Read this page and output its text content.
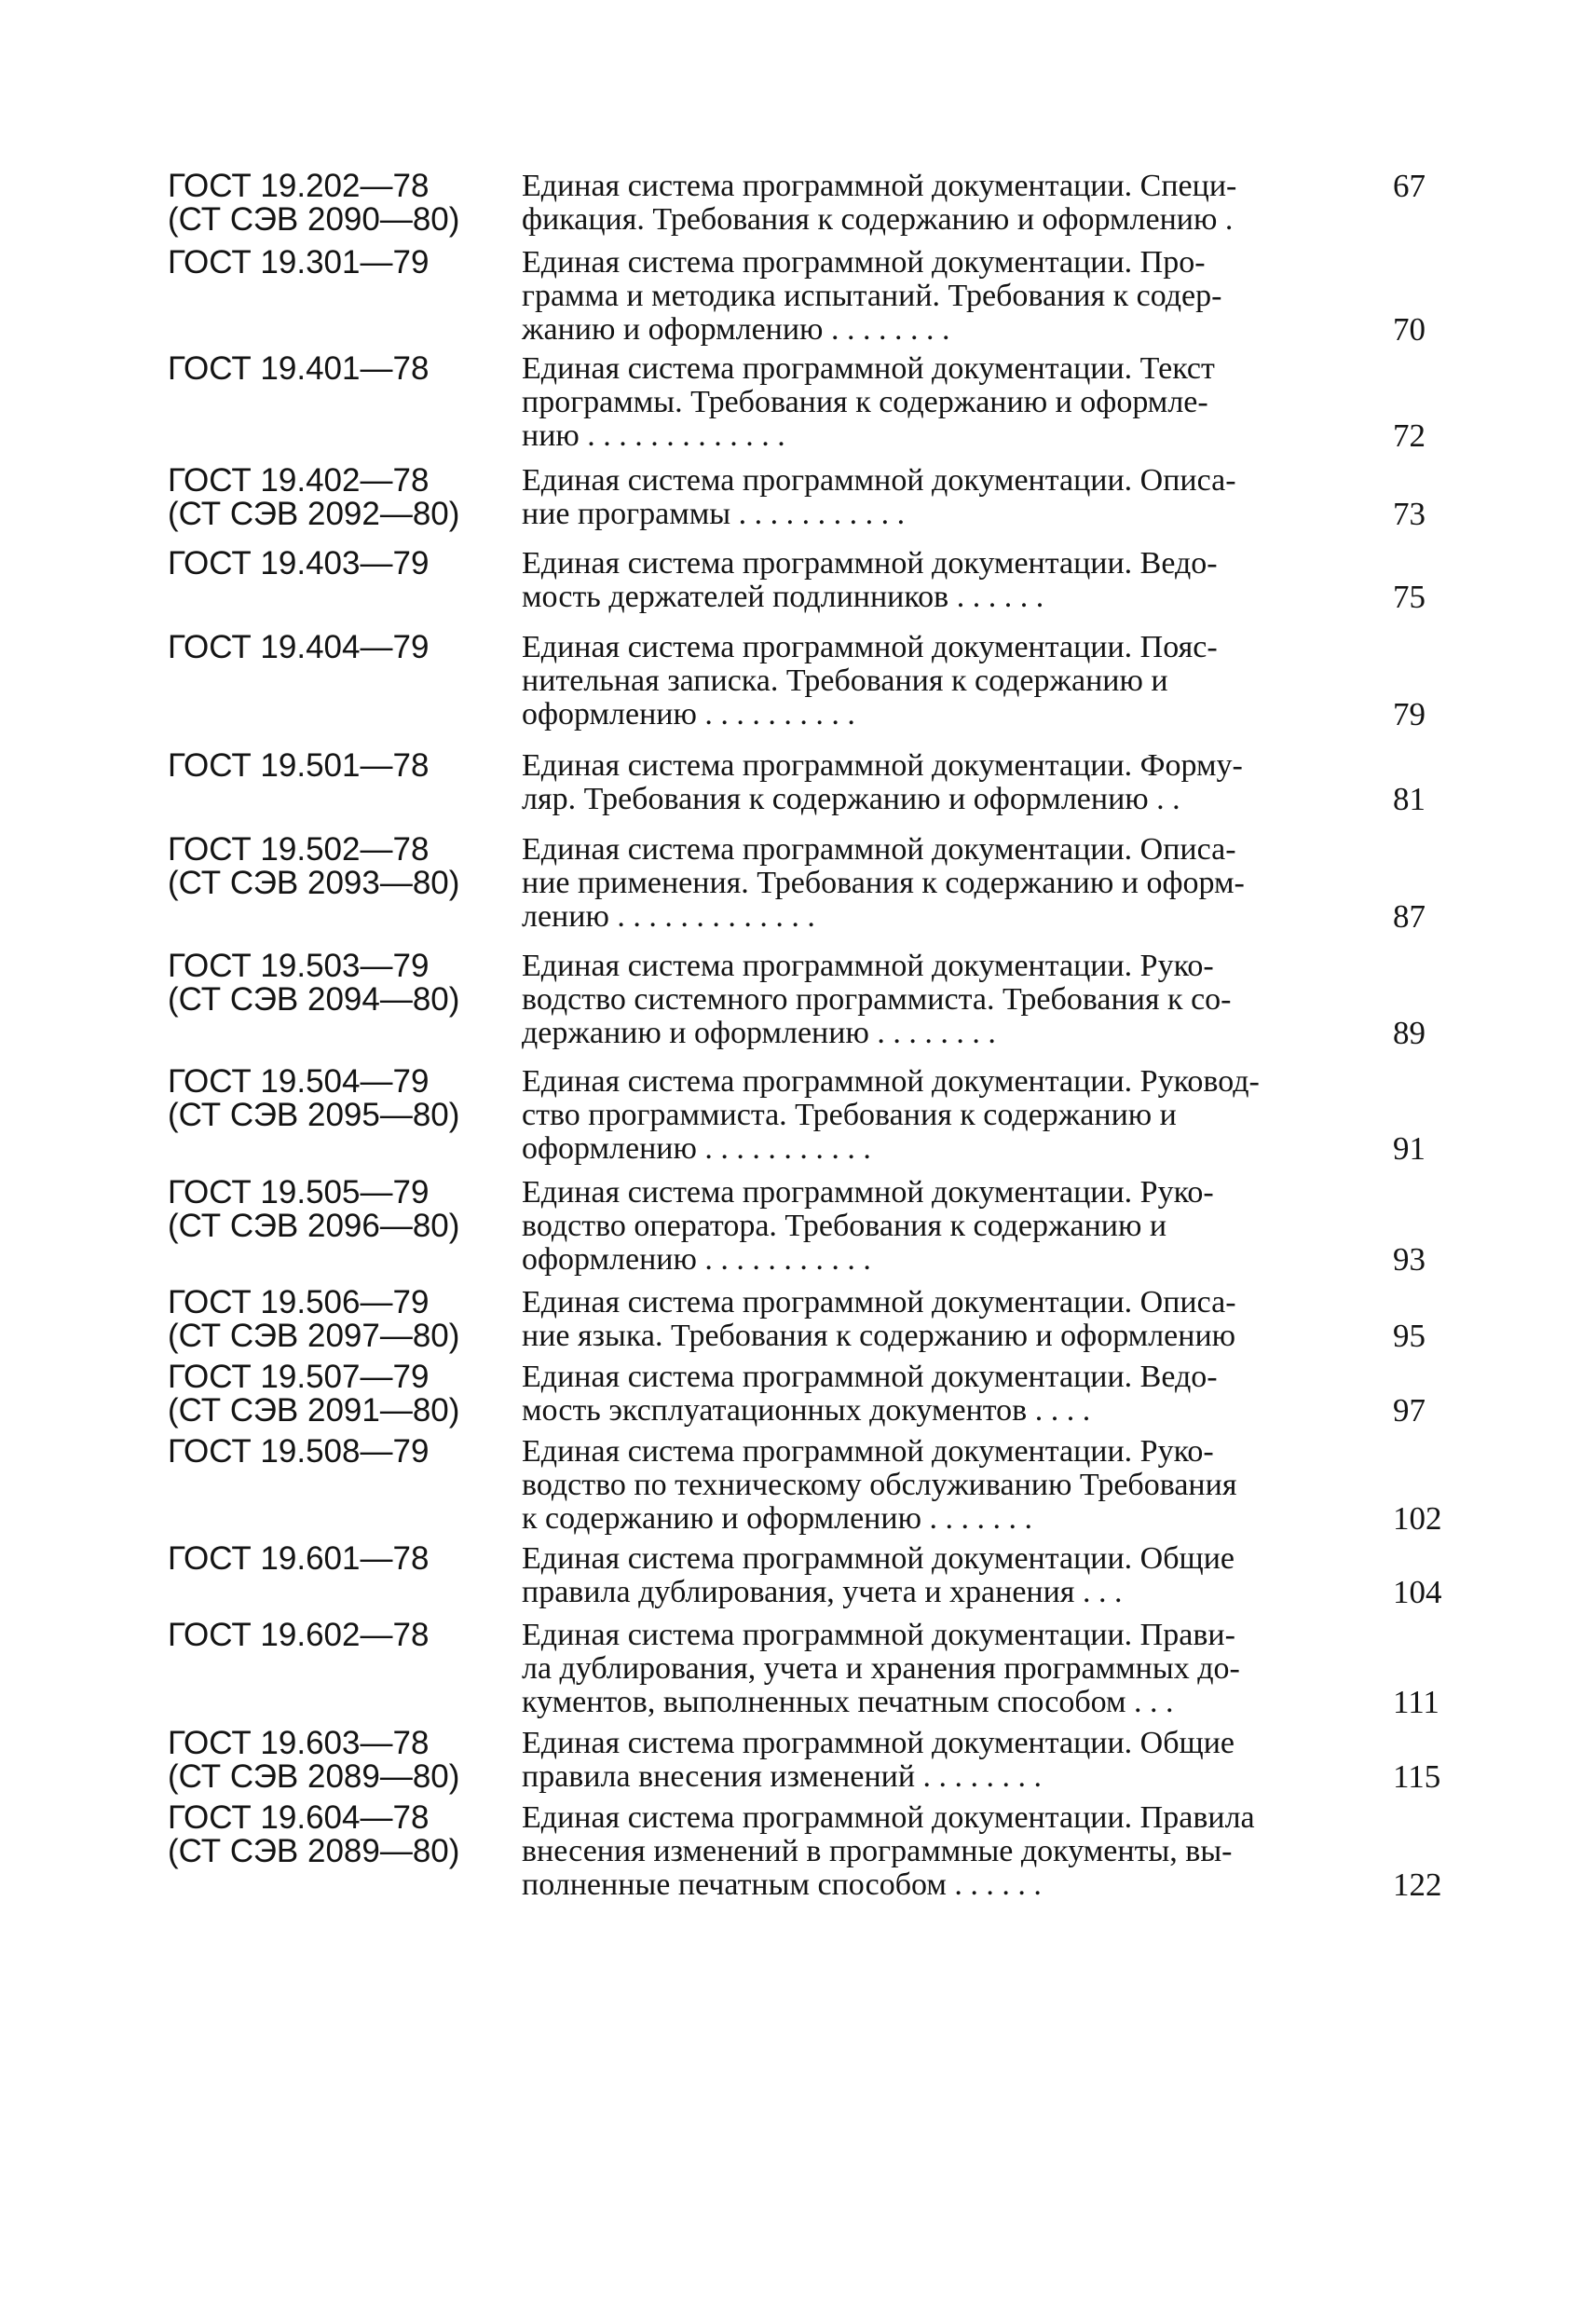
ГОСТ 19.202—78
(СТ СЭВ 2090—80)
Единая система программной документации. Специ-
фикация. Требования к содержанию и оформлению .
67
ГОСТ 19.301—79	Единая система программной документации. Про-
грамма и методика испытаний. Требования к содер-
жанию и оформлению . . . . . . . .	70
ГОСТ 19.401—78	Единая система программной документации. Текст
программы. Требования к содержанию и оформле-
нию . . . . . . . . . . . . .	72
ГОСТ 19.402—78
(СТ СЭВ 2092—80)
Единая система программной документации. Описа-
ние программы . . . . . . . . . . .	73
ГОСТ 19.403—79	Единая система программной документации. Ведо-
мость держателей подлинников . . . . . .	75
ГОСТ 19.404—79	Единая система программной документации. Пояс-
нительная записка. Требования к содержанию и
оформлению . . . . . . . . . .	79
ГОСТ 19.501—78	Единая система программной документации. Форму-
ляр. Требования к содержанию и оформлению . .	81
ГОСТ 19.502—78
(СТ СЭВ 2093—80)
Единая система программной документации. Описа-
ние применения. Требования к содержанию и оформ-
лению . . . . . . . . . . . . .	87
ГОСТ 19.503—79
(СТ СЭВ 2094—80)
Единая система программной документации. Руко-
водство системного программиста. Требования к со-
держанию и оформлению . . . . . . . .	89
ГОСТ 19.504—79
(СТ СЭВ 2095—80)
Единая система программной документации. Руковод-
ство программиста. Требования к содержанию и
оформлению . . . . . . . . . . .	91
ГОСТ 19.505—79
(СТ СЭВ 2096—80)
Единая система программной документации. Руко-
водство оператора. Требования к содержанию и
оформлению . . . . . . . . . . .	93
ГОСТ 19.506—79
(СТ СЭВ 2097—80)
Единая система программной документации. Описа-
ние языка. Требования к содержанию и оформлению	95
ГОСТ 19.507—79
(СТ СЭВ 2091—80)
Единая система программной документации. Ведо-
мость эксплуатационных документов . . . .	97
ГОСТ 19.508—79	Единая система программной документации. Руко-
водство по техническому обслуживанию Требования
к содержанию и оформлению . . . . . . .	102
ГОСТ 19.601—78	Единая система программной документации. Общие
правила дублирования, учета и хранения . . .	104
ГОСТ 19.602—78	Единая система программной документации. Прави-
ла дублирования, учета и хранения программных до-
кументов, выполненных печатным способом . . .	111
ГОСТ 19.603—78
(СТ СЭВ 2089—80)
Единая система программной документации. Общие
правила внесения изменений . . . . . . . .	115
ГОСТ 19.604—78
(СТ СЭВ 2089—80)
Единая система программной документации. Правила
внесения изменений в программные документы, вы-
полненные печатным способом . . . . . .	122
